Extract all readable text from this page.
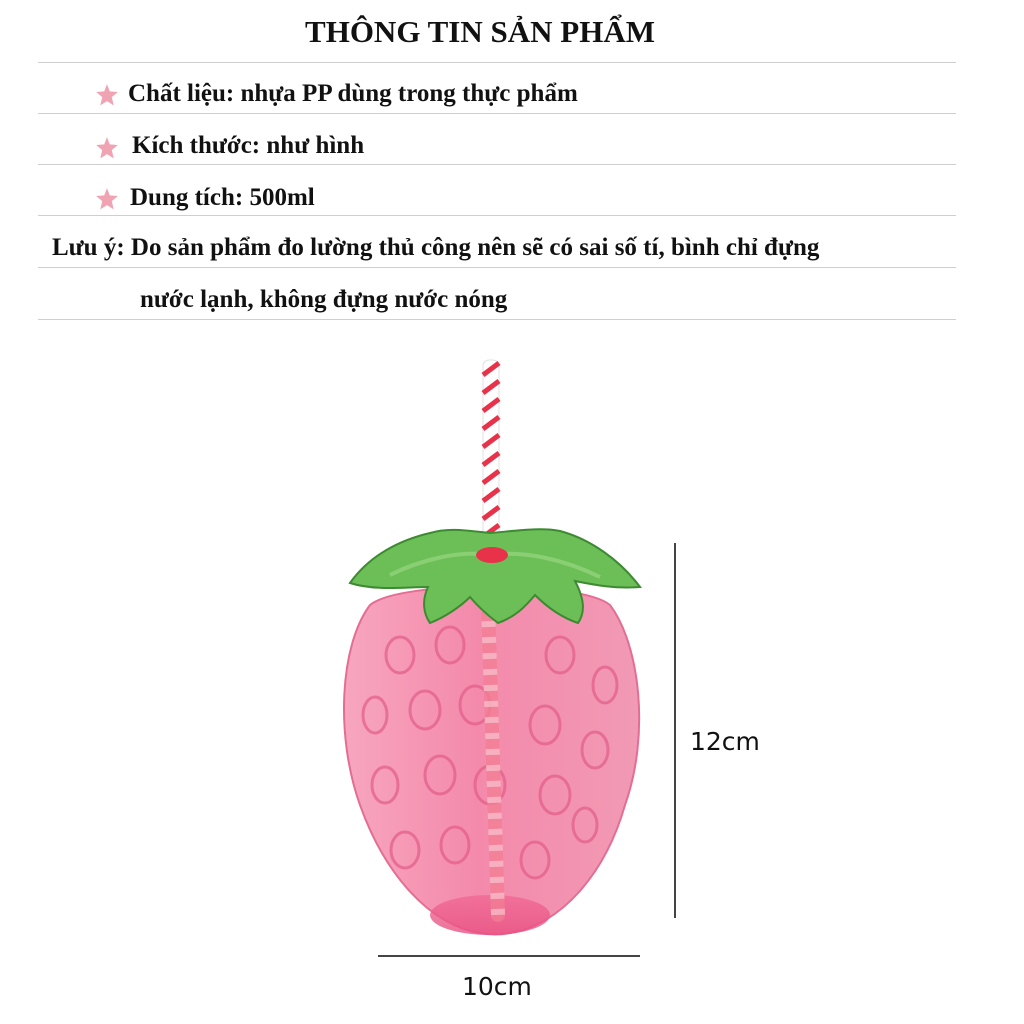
THÔNG TIN SẢN PHẨM
Chất liệu: nhựa PP dùng trong thực phẩm
Kích thước: như hình
Dung tích: 500ml
Lưu ý: Do sản phẩm đo lường thủ công nên sẽ có sai số tí, bình chỉ đựng
nước lạnh, không đựng nước nóng
12cm
10cm
